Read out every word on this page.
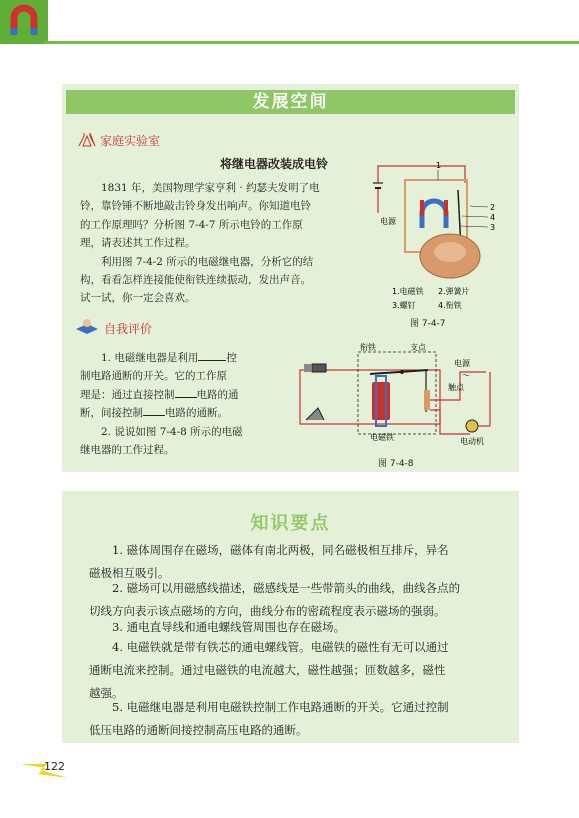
发展空间
家庭实验室
将继电器改装成电铃
1831 年，美国物理学家亨利 · 约瑟夫发明了电
铃，靠铃锤不断地敲击铃身发出响声。你知道电铃
的工作原理吗？分析图 7-4-7 所示电铃的工作原
理，请表述其工作过程。
利用图 7-4-2 所示的电磁继电器，分析它的结
构，看看怎样连接能使衔铁连续振动，发出声音。
试一试，你一定会喜欢。
1
2
4
3
电源
1.电磁铁 2.弹簧片
3.螺钉	4.衔铁
图 7-4-7
自我评价
1. 电磁继电器是利用	控
制电路通断的开关。它的工作原
理是：通过直接控制 电路的通
断，间接控制 电路的通断。
2. 说说如图 7-4-8 所示的电磁
继电器的工作过程。
衔铁	支点
电源
～
触点
电磁铁	电动机
图 7-4-8
知识要点

1. 磁体周围存在磁场，磁体有南北两极，同名磁极相互排斥，异名

磁极相互吸引。

2. 磁场可以用磁感线描述，磁感线是一些带箭头的曲线，曲线各点的

切线方向表示该点磁场的方向，曲线分布的密疏程度表示磁场的强弱。

3. 通电直导线和通电螺线管周围也存在磁场。

4. 电磁铁就是带有铁芯的通电螺线管。电磁铁的磁性有无可以通过

通断电流来控制。通过电磁铁的电流越大，磁性越强；匝数越多，磁性

越强。

5. 电磁继电器是利用电磁铁控制工作电路通断的开关。它通过控制

低压电路的通断间接控制高压电路的通断。

122
